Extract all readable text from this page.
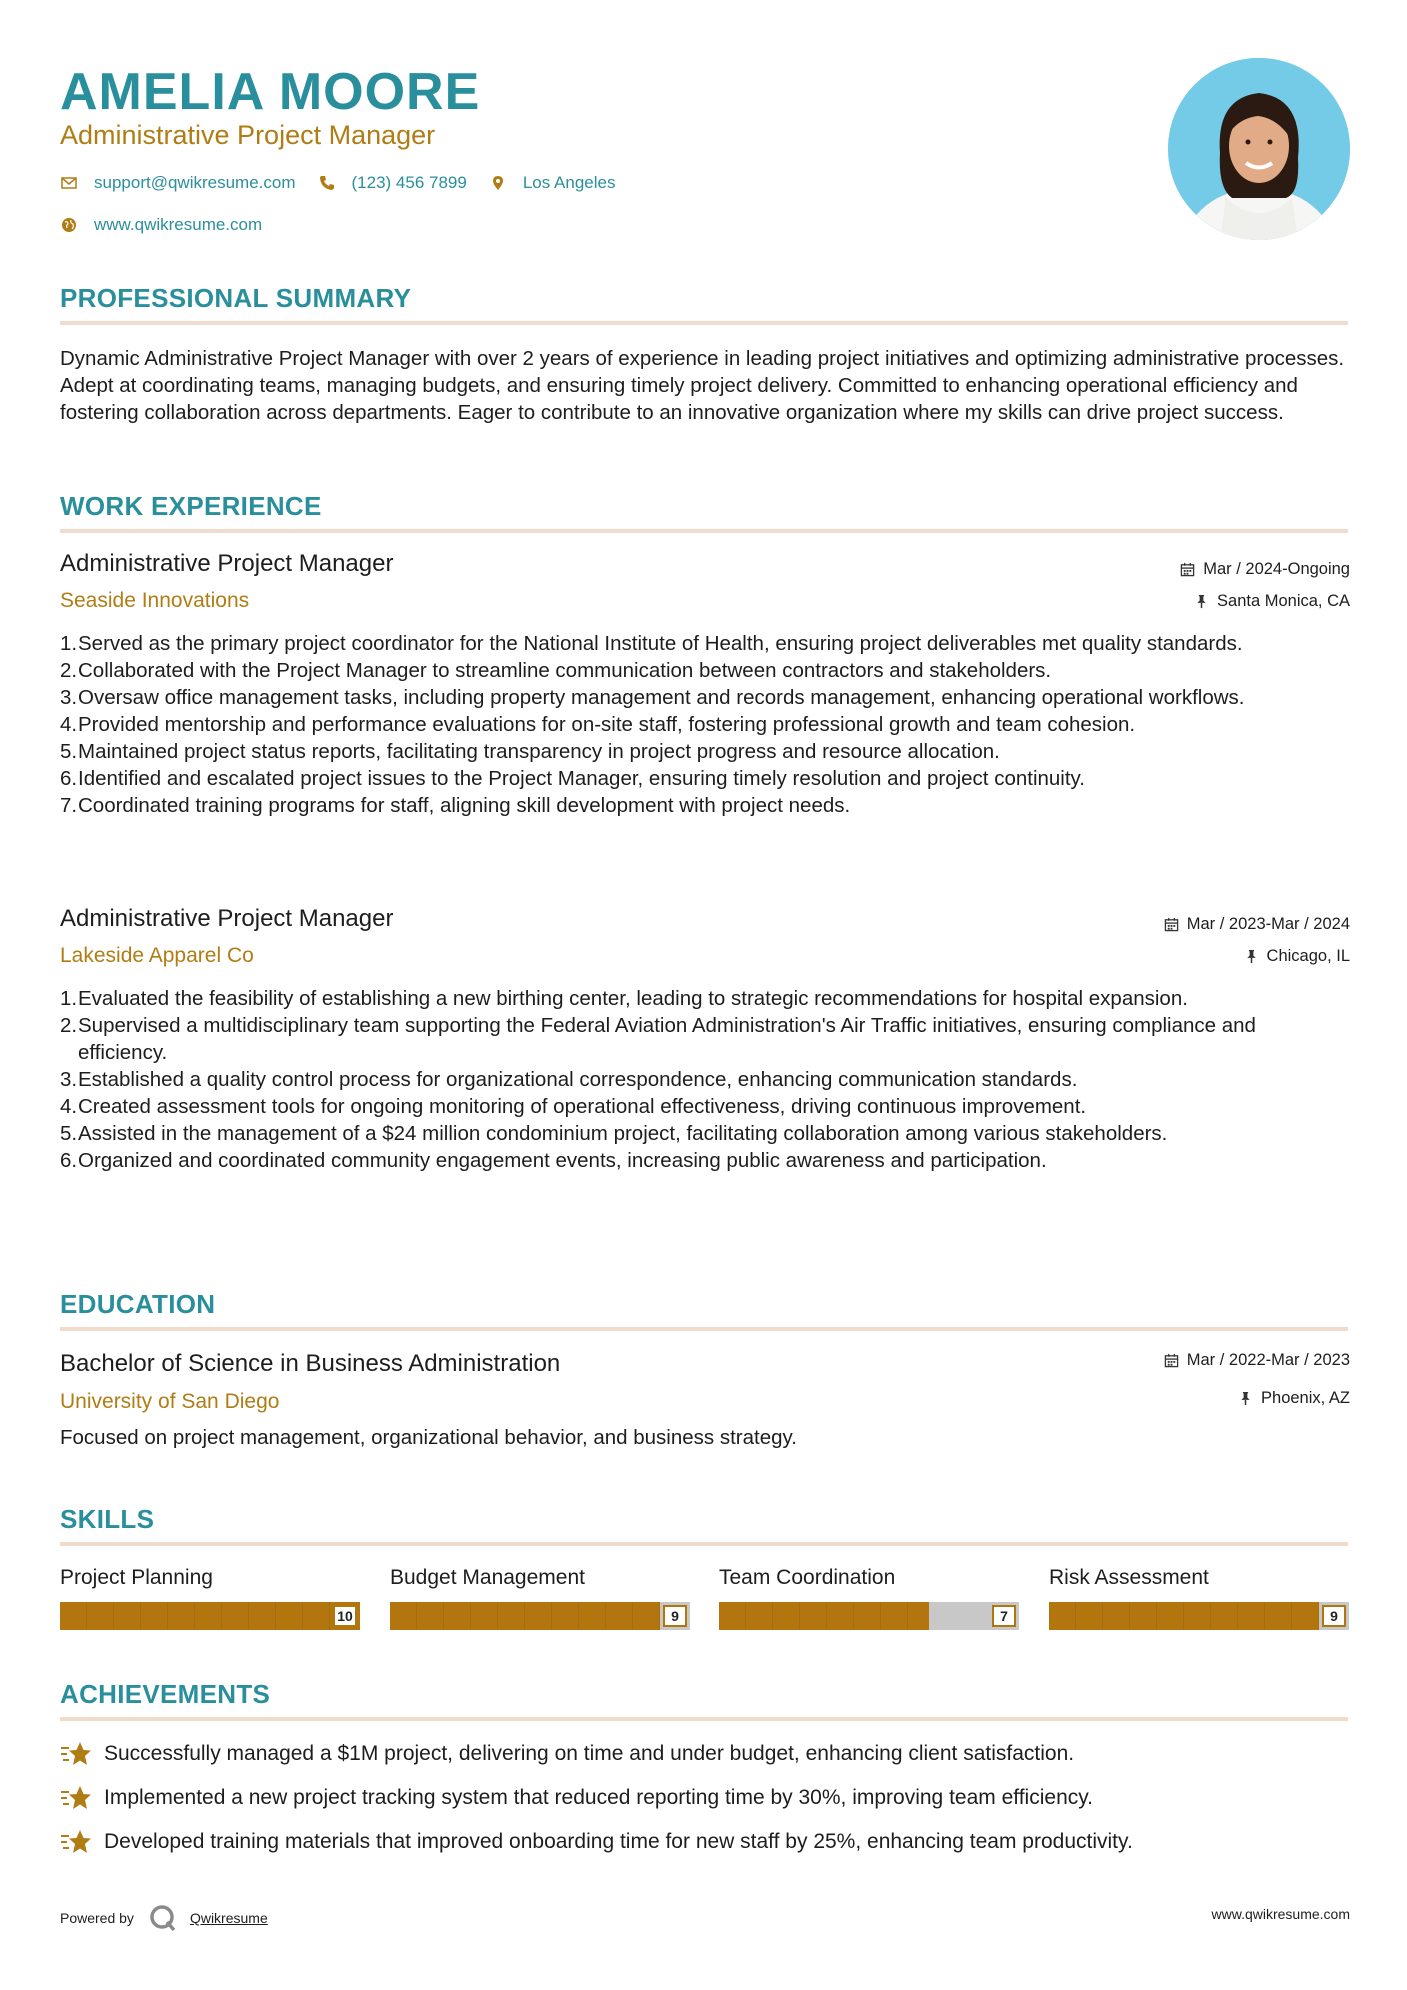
AMELIA MOORE
Administrative Project Manager
support@qwikresume.com	(123) 456 7899	Los Angeles
www.qwikresume.com
PROFESSIONAL SUMMARY
Dynamic Administrative Project Manager with over 2 years of experience in leading project initiatives and optimizing administrative processes. Adept at coordinating teams, managing budgets, and ensuring timely project delivery. Committed to enhancing operational efficiency and fostering collaboration across departments. Eager to contribute to an innovative organization where my skills can drive project success.
WORK EXPERIENCE
Administrative Project Manager
Seaside Innovations
Mar / 2024-Ongoing
Santa Monica, CA
1. Served as the primary project coordinator for the National Institute of Health, ensuring project deliverables met quality standards.
2. Collaborated with the Project Manager to streamline communication between contractors and stakeholders.
3. Oversaw office management tasks, including property management and records management, enhancing operational workflows.
4. Provided mentorship and performance evaluations for on-site staff, fostering professional growth and team cohesion.
5. Maintained project status reports, facilitating transparency in project progress and resource allocation.
6. Identified and escalated project issues to the Project Manager, ensuring timely resolution and project continuity.
7. Coordinated training programs for staff, aligning skill development with project needs.
Administrative Project Manager
Lakeside Apparel Co
Mar / 2023-Mar / 2024
Chicago, IL
1. Evaluated the feasibility of establishing a new birthing center, leading to strategic recommendations for hospital expansion.
2. Supervised a multidisciplinary team supporting the Federal Aviation Administration's Air Traffic initiatives, ensuring compliance and efficiency.
3. Established a quality control process for organizational correspondence, enhancing communication standards.
4. Created assessment tools for ongoing monitoring of operational effectiveness, driving continuous improvement.
5. Assisted in the management of a $24 million condominium project, facilitating collaboration among various stakeholders.
6. Organized and coordinated community engagement events, increasing public awareness and participation.
EDUCATION
Bachelor of Science in Business Administration
University of San Diego
Mar / 2022-Mar / 2023
Phoenix, AZ
Focused on project management, organizational behavior, and business strategy.
SKILLS
Project Planning
10
Budget Management
9
Team Coordination
7
Risk Assessment
9
ACHIEVEMENTS
Successfully managed a $1M project, delivering on time and under budget, enhancing client satisfaction.
Implemented a new project tracking system that reduced reporting time by 30%, improving team efficiency.
Developed training materials that improved onboarding time for new staff by 25%, enhancing team productivity.
Powered by	Qwikresume	www.qwikresume.com
